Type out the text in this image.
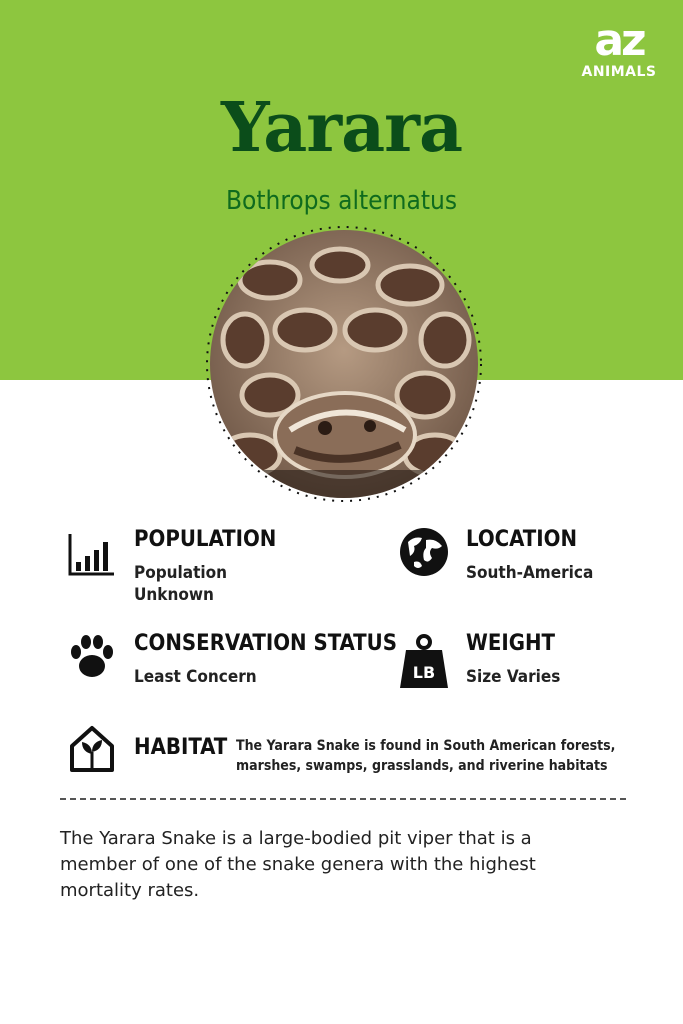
az
ANIMALS
Yarara
Bothrops alternatus
POPULATION
Population Unknown
LOCATION
South-America
CONSERVATION STATUS
Least Concern	LB
WEIGHT
Size Varies
HABITAT The Yarara Snake is found in South American forests, marshes, swamps, grasslands, and riverine habitats

The Yarara Snake is a large-bodied pit viper that is a member of one of the snake genera with the highest mortality rates.
